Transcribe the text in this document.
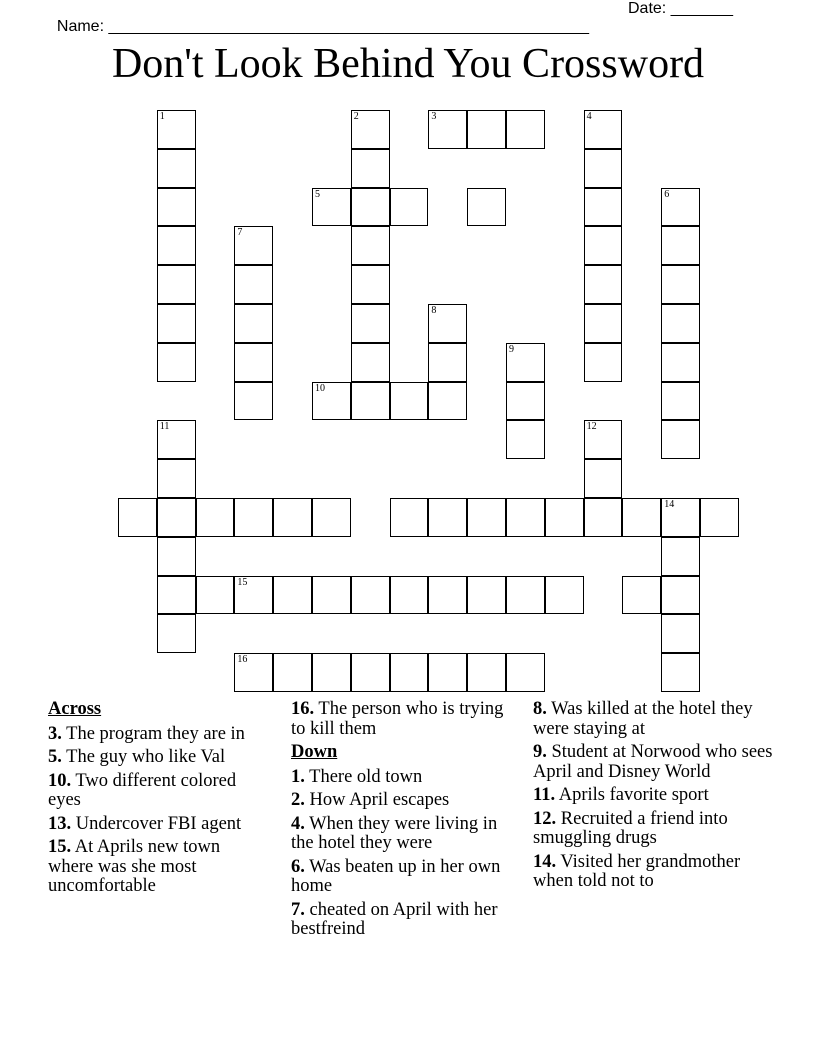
Name: ______________________________________________________

Date: _______

Don't Look Behind You Crossword
1	2	3	4
5	6
7
8
9
10
11	12
14
15
16
Across
3. The program they are in
5. The guy who like Val
10. Two different colored eyes
13. Undercover FBI agent
15. At Aprils new town where was she most uncomfortable
16. The person who is trying to kill them
Down
1. There old town
2. How April escapes
4. When they were living in the hotel they were
6. Was beaten up in her own home
7. cheated on April with her bestfreind
8. Was killed at the hotel they were staying at
9. Student at Norwood who sees April and Disney World
11. Aprils favorite sport
12. Recruited a friend into smuggling drugs
14. Visited her grandmother when told not to
